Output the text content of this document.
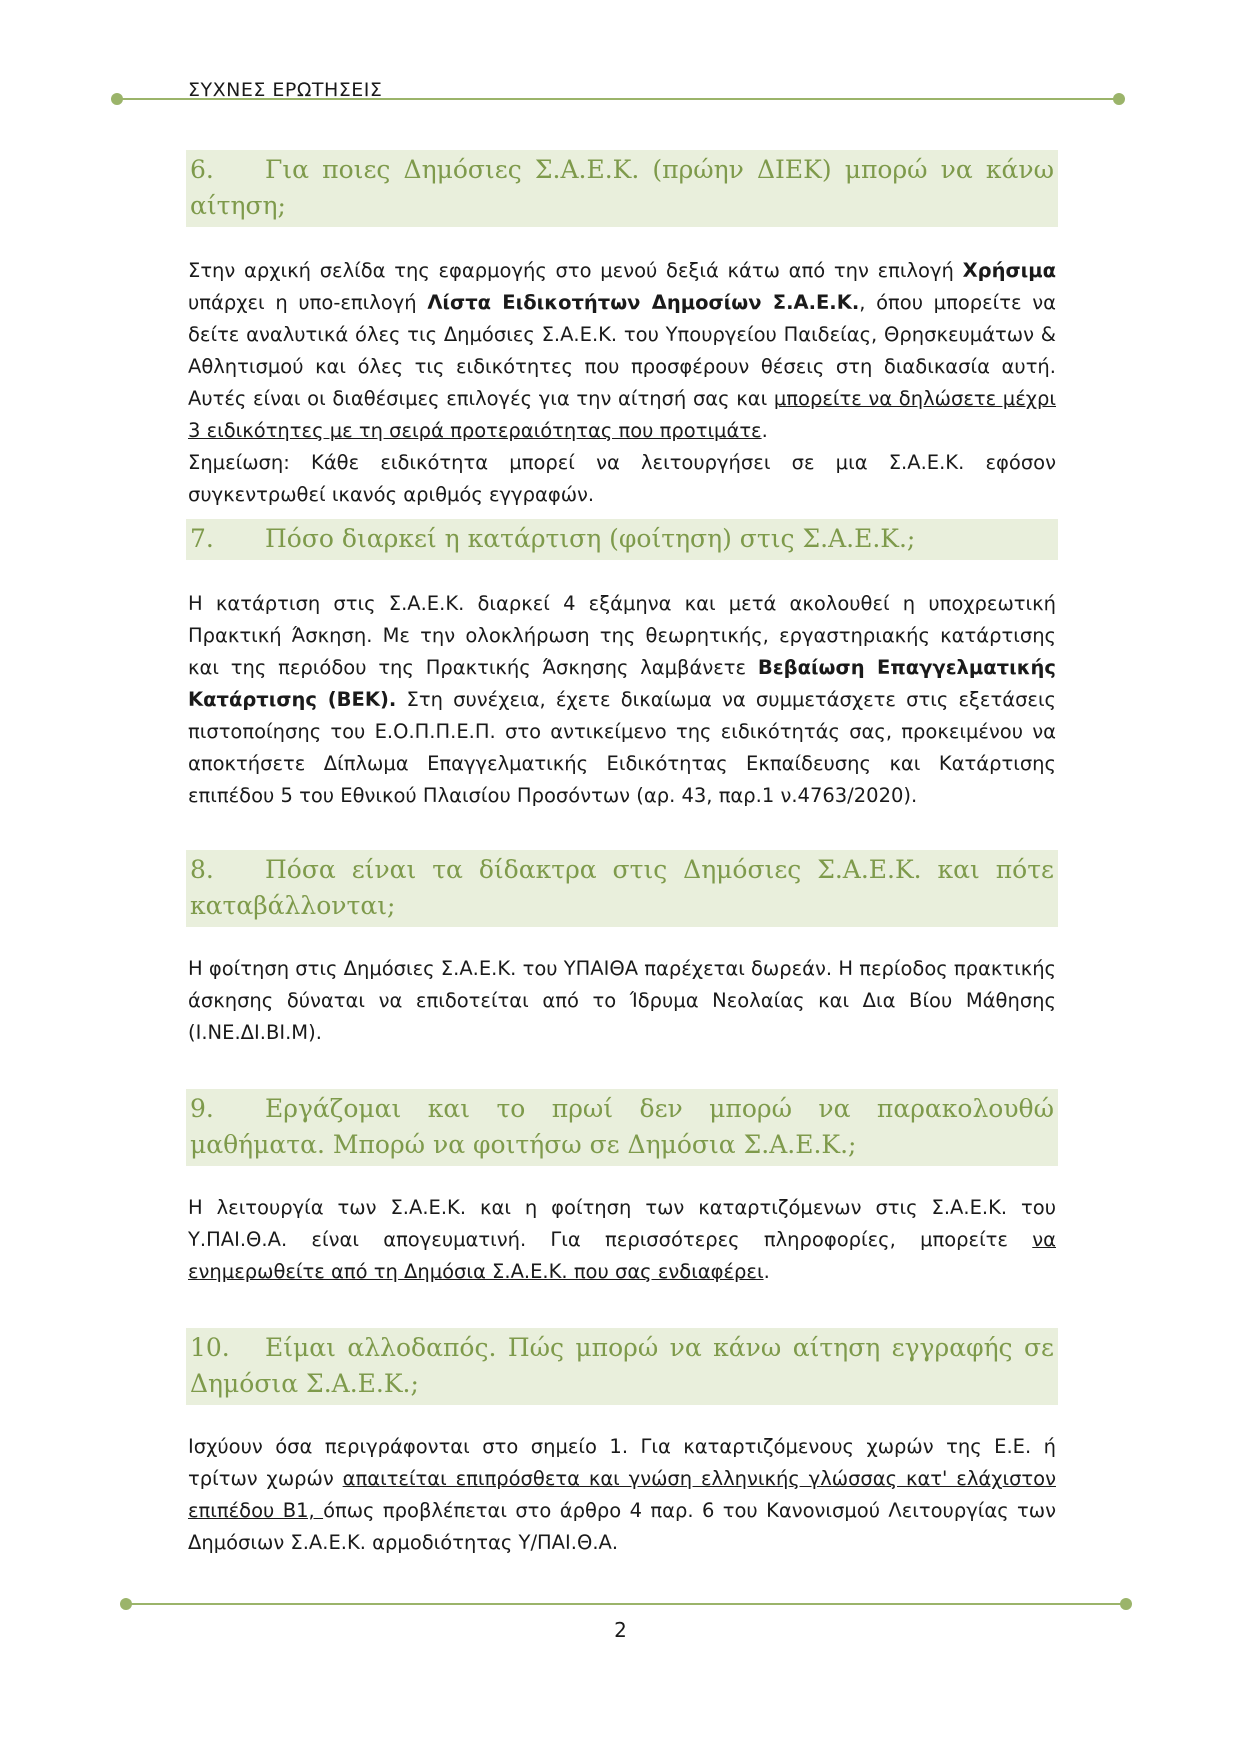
ΣΥΧΝΕΣ ΕΡΩΤΗΣΕΙΣ
6. Για ποιες Δημόσιες Σ.Α.Ε.Κ. (πρώην ΔΙΕΚ) μπορώ να κάνω αίτηση;

Στην αρχική σελίδα της εφαρμογής στο μενού δεξιά κάτω από την επιλογή Χρήσιμα υπάρχει η υπο-επιλογή Λίστα Ειδικοτήτων Δημοσίων Σ.Α.Ε.Κ., όπου μπορείτε να δείτε αναλυτικά όλες τις Δημόσιες Σ.Α.Ε.Κ. του Υπουργείου Παιδείας, Θρησκευμάτων & Αθλητισμού και όλες τις ειδικότητες που προσφέρουν θέσεις στη διαδικασία αυτή. Αυτές είναι οι διαθέσιμες επιλογές για την αίτησή σας και μπορείτε να δηλώσετε μέχρι 3 ειδικότητες με τη σειρά προτεραιότητας που προτιμάτε.

Σημείωση: Κάθε ειδικότητα μπορεί να λειτουργήσει σε μια Σ.Α.Ε.Κ. εφόσον συγκεντρωθεί ικανός αριθμός εγγραφών.

7. Πόσο διαρκεί η κατάρτιση (φοίτηση) στις Σ.Α.Ε.Κ.;

Η κατάρτιση στις Σ.Α.Ε.Κ. διαρκεί 4 εξάμηνα και μετά ακολουθεί η υποχρεωτική Πρακτική Άσκηση. Με την ολοκλήρωση της θεωρητικής, εργαστηριακής κατάρτισης και της περιόδου της Πρακτικής Άσκησης λαμβάνετε Βεβαίωση Επαγγελματικής Κατάρτισης (ΒΕΚ). Στη συνέχεια, έχετε δικαίωμα να συμμετάσχετε στις εξετάσεις πιστοποίησης του Ε.Ο.Π.Π.Ε.Π. στο αντικείμενο της ειδικότητάς σας, προκειμένου να αποκτήσετε Δίπλωμα Επαγγελματικής Ειδικότητας Εκπαίδευσης και Κατάρτισης επιπέδου 5 του Εθνικού Πλαισίου Προσόντων (αρ. 43, παρ.1 ν.4763/2020).

8. Πόσα είναι τα δίδακτρα στις Δημόσιες Σ.Α.Ε.Κ. και πότε καταβάλλονται;

Η φοίτηση στις Δημόσιες Σ.Α.Ε.Κ. του ΥΠΑΙΘΑ παρέχεται δωρεάν. Η περίοδος πρακτικής άσκησης δύναται να επιδοτείται από το Ίδρυμα Νεολαίας και Δια Βίου Μάθησης (Ι.ΝΕ.ΔΙ.ΒΙ.Μ).

9. Εργάζομαι και το πρωί δεν μπορώ να παρακολουθώ μαθήματα. Μπορώ να φοιτήσω σε Δημόσια Σ.Α.Ε.Κ.;

Η λειτουργία των Σ.Α.Ε.Κ. και η φοίτηση των καταρτιζόμενων στις Σ.Α.Ε.Κ. του Υ.ΠΑΙ.Θ.Α. είναι απογευματινή. Για περισσότερες πληροφορίες, μπορείτε να ενημερωθείτε από τη Δημόσια Σ.Α.Ε.Κ. που σας ενδιαφέρει.

10. Είμαι αλλοδαπός. Πώς μπορώ να κάνω αίτηση εγγραφής σε Δημόσια Σ.Α.Ε.Κ.;

Ισχύουν όσα περιγράφονται στο σημείο 1. Για καταρτιζόμενους χωρών της Ε.Ε. ή τρίτων χωρών απαιτείται επιπρόσθετα και γνώση ελληνικής γλώσσας κατ' ελάχιστον επιπέδου Β1, όπως προβλέπεται στο άρθρο 4 παρ. 6 του Κανονισμού Λειτουργίας των Δημόσιων Σ.Α.Ε.Κ. αρμοδιότητας Υ/ΠΑΙ.Θ.Α.

2
